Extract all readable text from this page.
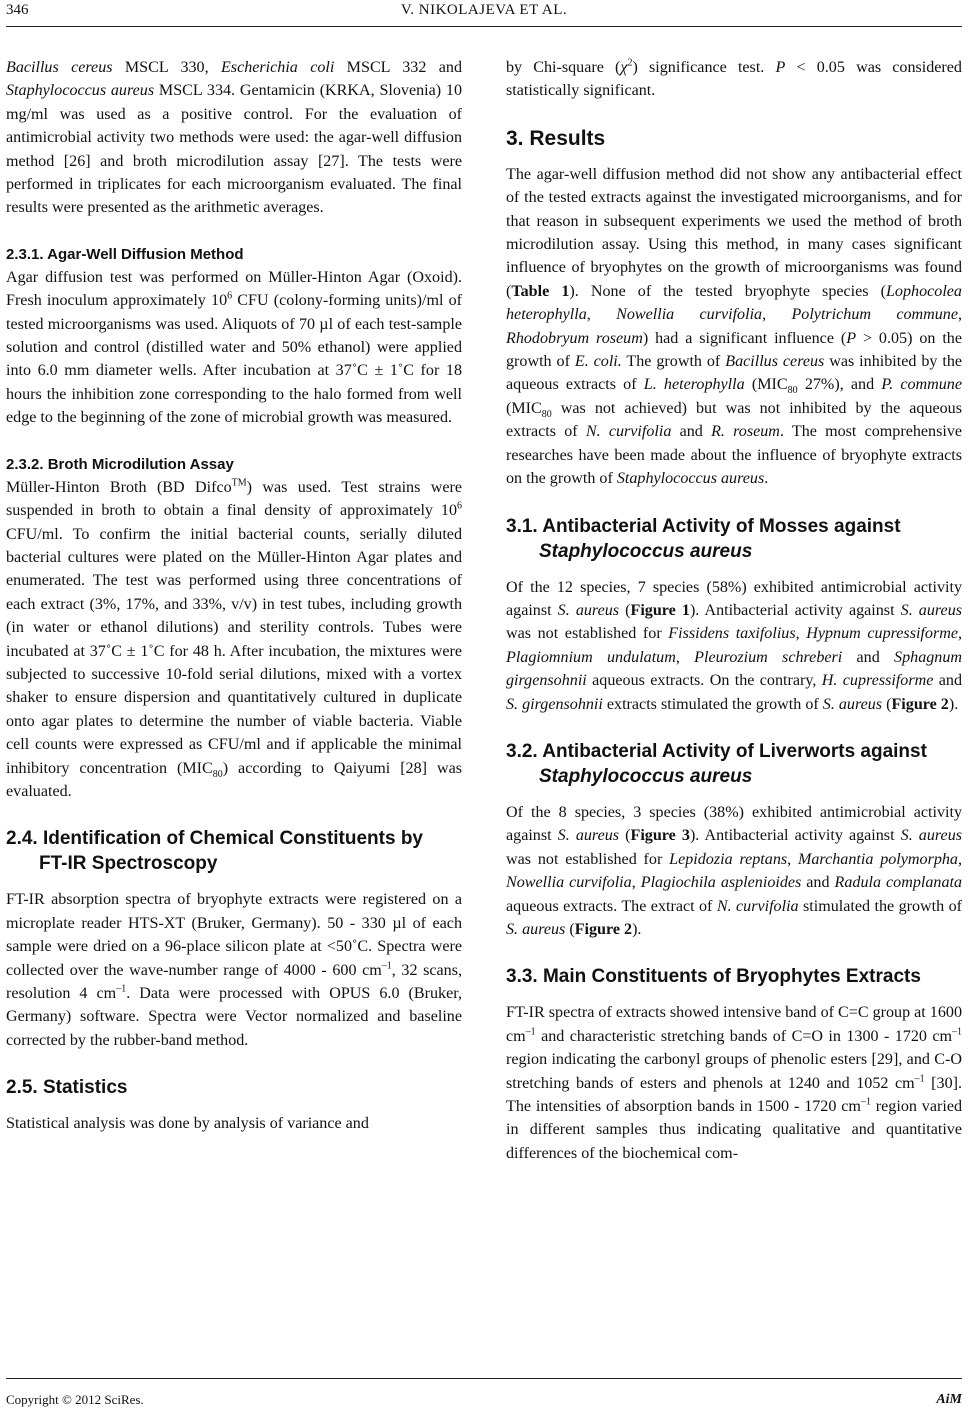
346	V. NIKOLAJEVA ET AL.

Bacillus cereus MSCL 330, Escherichia coli MSCL 332 and Staphylococcus aureus MSCL 334. Gentamicin (KRKA, Slovenia) 10 mg/ml was used as a positive control. For the evaluation of antimicrobial activity two methods were used: the agar-well diffusion method [26] and broth microdilution assay [27]. The tests were performed in triplicates for each microorganism evaluated. The final results were presented as the arithmetic averages.

2.3.1. Agar-Well Diffusion Method

Agar diffusion test was performed on Müller-Hinton Agar (Oxoid). Fresh inoculum approximately $10^6$ CFU (colony-forming units)/ml of tested microorganisms was used. Aliquots of 70 µl of each test-sample solution and control (distilled water and 50% ethanol) were applied into 6.0 mm diameter wells. After incubation at 37˚C ± 1˚C for 18 hours the inhibition zone corresponding to the halo formed from well edge to the beginning of the zone of microbial growth was measured.

2.3.2. Broth Microdilution Assay

Müller-Hinton Broth (BD Difco™) was used. Test strains were suspended in broth to obtain a final density of approximately $10^6$ CFU/ml. To confirm the initial bacterial counts, serially diluted bacterial cultures were plated on the Müller-Hinton Agar plates and enumerated. The test was performed using three concentrations of each extract (3%, 17%, and 33%, v/v) in test tubes, including growth (in water or ethanol dilutions) and sterility controls. Tubes were incubated at 37˚C ± 1˚C for 48 h. After incubation, the mixtures were subjected to successive 10-fold serial dilutions, mixed with a vortex shaker to ensure dispersion and quantitatively cultured in duplicate onto agar plates to determine the number of viable bacteria. Viable cell counts were expressed as CFU/ml and if applicable the minimal inhibitory concentration $(MIC_{80})$ according to Qaiyumi [28] was evaluated.

2.4. Identification of Chemical Constituents by
FT-IR Spectroscopy

FT-IR absorption spectra of bryophyte extracts were registered on a microplate reader HTS-XT (Bruker, Germany). 50 - 330 µl of each sample were dried on a 96-place silicon plate at <50˚C. Spectra were collected over the wave-number range of 4000 - 600 $cm^{-1}$, 32 scans, resolution 4 $cm^{-1}$. Data were processed with OPUS 6.0 (Bruker, Germany) software. Spectra were Vector normalized and baseline corrected by the rubber-band method.

2.5. Statistics

Statistical analysis was done by analysis of variance and

by Chi-square $(\chi^2)$ significance test. P < 0.05 was considered statistically significant.

3. Results

The agar-well diffusion method did not show any antibacterial effect of the tested extracts against the investigated microorganisms, and for that reason in subsequent experiments we used the method of broth microdilution assay. Using this method, in many cases significant influence of bryophytes on the growth of microorganisms was found (Table 1). None of the tested bryophyte species (Lophocolea heterophylla, Nowellia curvifolia, Polytrichum commune, Rhodobryum roseum) had a significant influence (P > 0.05) on the growth of E. coli. The growth of Bacillus cereus was inhibited by the aqueous extracts of L. heterophylla ($MIC_{80}$ 27%), and P. commune ($MIC_{80}$ was not achieved) but was not inhibited by the aqueous extracts of N. curvifolia and R. roseum. The most comprehensive researches have been made about the influence of bryophyte extracts on the growth of Staphylococcus aureus.

3.1. Antibacterial Activity of Mosses against
Staphylococcus aureus

Of the 12 species, 7 species (58%) exhibited antimicrobial activity against S. aureus (Figure 1). Antibacterial activity against S. aureus was not established for Fissidens taxifolius, Hypnum cupressiforme, Plagiomnium undulatum, Pleurozium schreberi and Sphagnum girgensohnii aqueous extracts. On the contrary, H. cupressiforme and S. girgensohnii extracts stimulated the growth of S. aureus (Figure 2).

3.2. Antibacterial Activity of Liverworts against
Staphylococcus aureus

Of the 8 species, 3 species (38%) exhibited antimicrobial activity against S. aureus (Figure 3). Antibacterial activity against S. aureus was not established for Lepidozia reptans, Marchantia polymorpha, Nowellia curvifolia, Plagiochila asplenioides and Radula complanata aqueous extracts. The extract of N. curvifolia stimulated the growth of S. aureus (Figure 2).

3.3. Main Constituents of Bryophytes Extracts

FT-IR spectra of extracts showed intensive band of C=C group at 1600 $cm^{-1}$ and characteristic stretching bands of C=O in 1300 - 1720 $cm^{-1}$ region indicating the carbonyl groups of phenolic esters [29], and C-O stretching bands of esters and phenols at 1240 and 1052 $cm^{-1}$ [30]. The intensities of absorption bands in 1500 - 1720 $cm^{-1}$ region varied in different samples thus indicating qualitative and quantitative differences of the biochemical com-

Copyright © 2012 SciRes.	AiM
